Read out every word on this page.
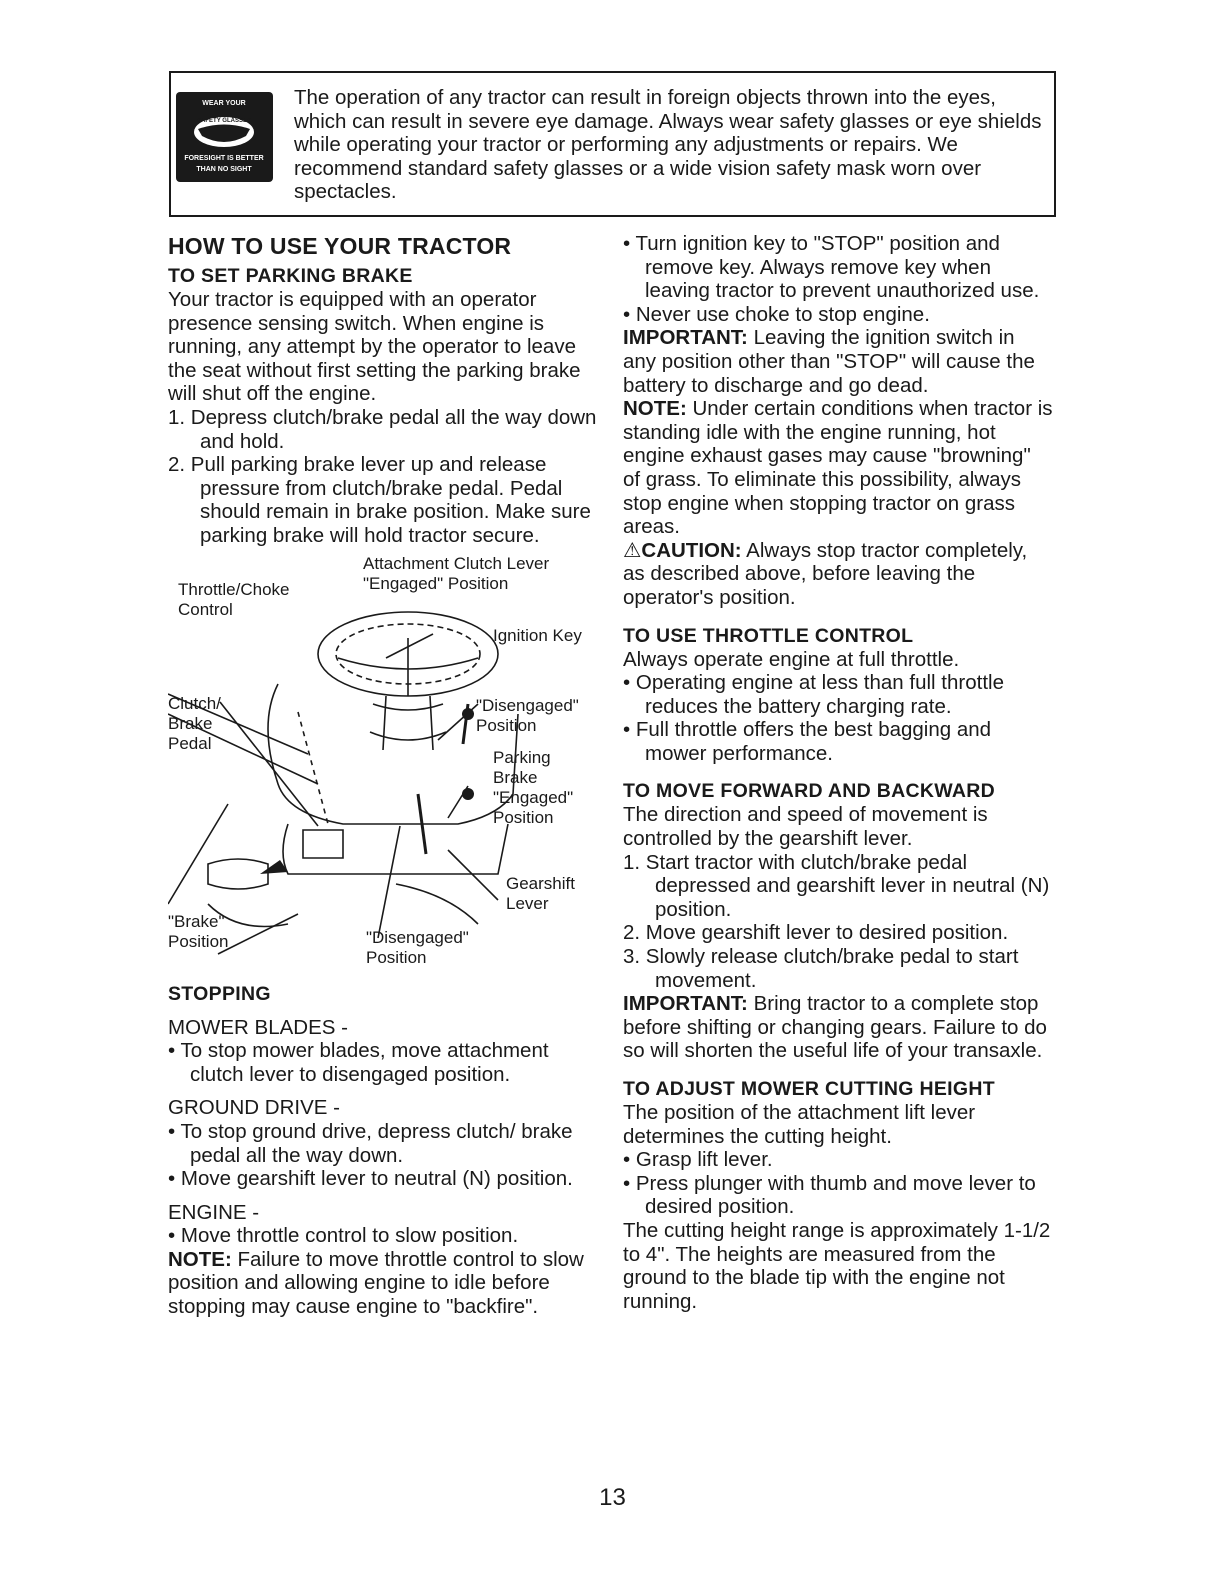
WEAR YOUR
SAFETY GLASSES
FORESIGHT IS BETTER
THAN NO SIGHT

The operation of any tractor can result in foreign objects thrown into the eyes, which can result in severe eye damage. Always wear safety glasses or eye shields while operating your tractor or performing any adjustments or repairs. We recommend standard safety glasses or a wide vision safety mask worn over spectacles.

HOW TO USE YOUR TRACTOR
TO SET PARKING BRAKE

Your tractor is equipped with an operator presence sensing switch. When engine is running, any attempt by the operator to leave the seat without first setting the parking brake will shut off the engine.

1. Depress clutch/brake pedal all the way down and hold.

2. Pull parking brake lever up and release pressure from clutch/brake pedal. Pedal should remain in brake position. Make sure parking brake will hold tractor secure.

Attachment Clutch Lever

"Engaged" Position

Throttle/Choke

Control

Ignition Key

Clutch/

Brake

Pedal

"Disengaged"

Position

Parking

Brake

"Engaged"

Position

Gearshift

Lever

"Brake"

Position	"Disengaged"

Position

STOPPING

MOWER BLADES -

• To stop mower blades, move attachment clutch lever to disengaged position.

GROUND DRIVE -

• To stop ground drive, depress clutch/ brake pedal all the way down.

• Move gearshift lever to neutral (N) position.

ENGINE -

• Move throttle control to slow position.

NOTE: Failure to move throttle control to slow position and allowing engine to idle before stopping may cause engine to "backfire".

• Turn ignition key to "STOP" position and remove key. Always remove key when leaving tractor to prevent unauthorized use.

• Never use choke to stop engine.

IMPORTANT: Leaving the ignition switch in any position other than "STOP" will cause the battery to discharge and go dead.

NOTE: Under certain conditions when tractor is standing idle with the engine running, hot engine exhaust gases may cause "browning" of grass. To eliminate this possibility, always stop engine when stopping tractor on grass areas.

⚠CAUTION: Always stop tractor completely, as described above, before leaving the operator's position.

TO USE THROTTLE CONTROL

Always operate engine at full throttle.

• Operating engine at less than full throttle reduces the battery charging rate.

• Full throttle offers the best bagging and mower performance.

TO MOVE FORWARD AND BACKWARD

The direction and speed of movement is controlled by the gearshift lever.

1. Start tractor with clutch/brake pedal depressed and gearshift lever in neutral (N) position.

2. Move gearshift lever to desired position.

3. Slowly release clutch/brake pedal to start movement.

IMPORTANT: Bring tractor to a complete stop before shifting or changing gears. Failure to do so will shorten the useful life of your transaxle.

TO ADJUST MOWER CUTTING HEIGHT

The position of the attachment lift lever determines the cutting height.

• Grasp lift lever.

• Press plunger with thumb and move lever to desired position.

The cutting height range is approximately 1-1/2 to 4". The heights are measured from the ground to the blade tip with the engine not running.

13
